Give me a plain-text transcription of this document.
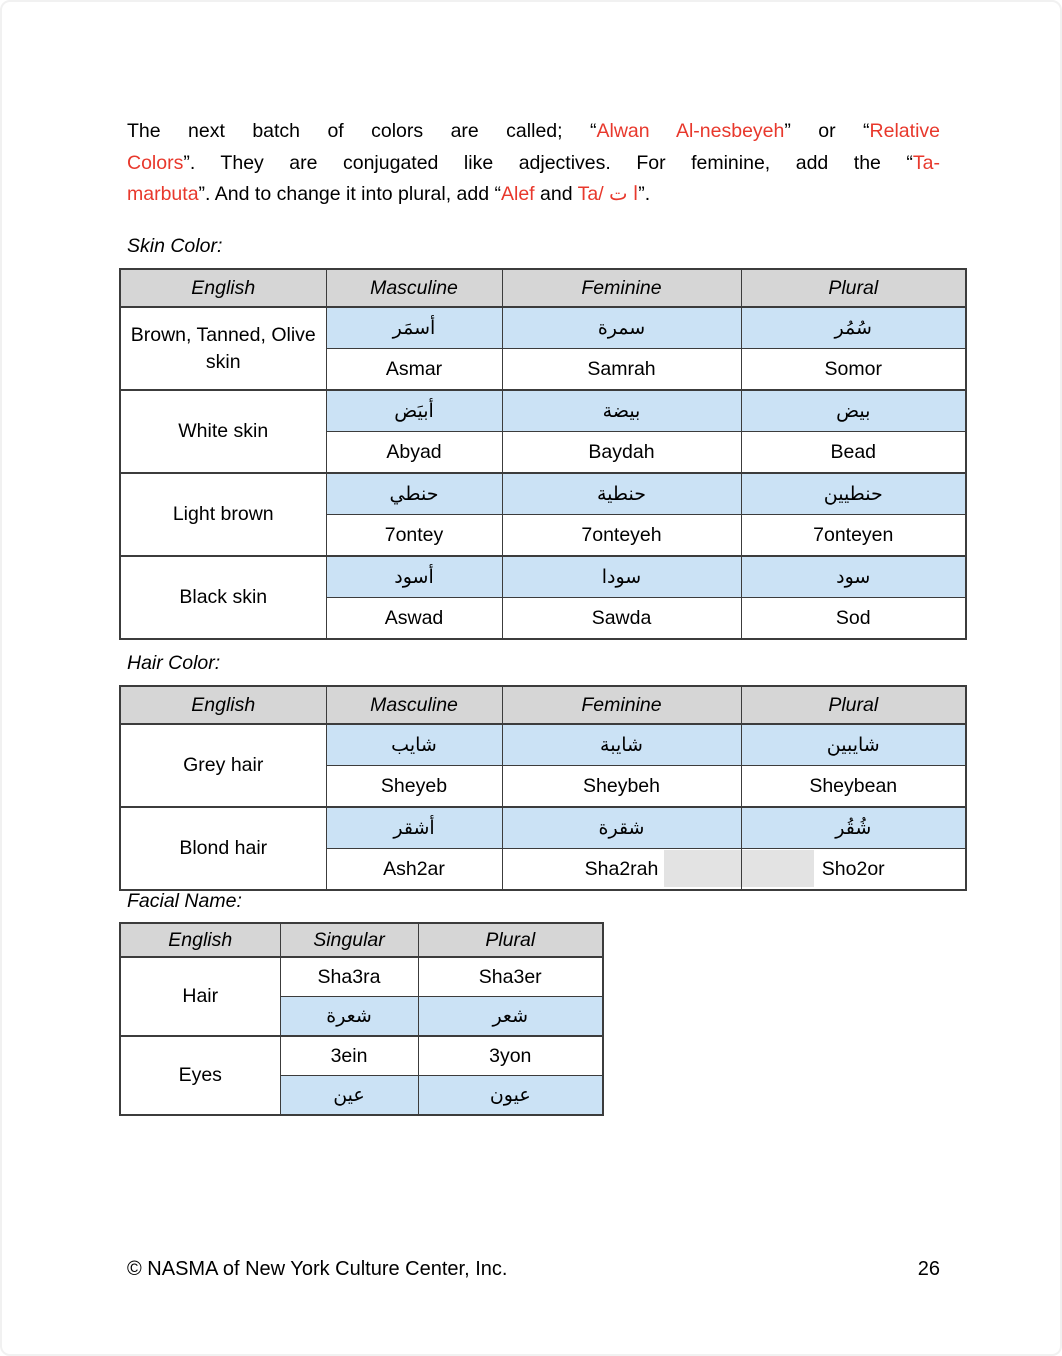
The next batch of colors are called; “Alwan Al-nesbeyeh” or “Relative
Colors”. They are conjugated like adjectives. For feminine, add the “Ta-
marbuta”. And to change it into plural, add “Alef and Ta/ ا ت”.
Skin Color:
English	Masculine	Feminine	Plural
Brown, Tanned, Olive skin	أسمَر	سمرة	سُمُر
	Asmar	Samrah	Somor
White skin	أبيَض	بيضة	بيض
	Abyad	Baydah	Bead
Light brown	حنطي	حنطية	حنطيين
	7ontey	7onteyeh	7onteyen
Black skin	أسود	سودا	سود
	Aswad	Sawda	Sod
Hair Color:
English	Masculine	Feminine	Plural
Grey hair	شايب	شايبة	شايبين
	Sheyeb	Sheybeh	Sheybean
Blond hair	أشقر	شقرة	شُقُر
	Ash2ar	Sha2rah	Sho2or
Facial Name:
English	Singular	Plural
Hair	Sha3ra	Sha3er
	شعرة	شعر
Eyes	3ein	3yon
	عين	عيون
© NASMA of New York Culture Center, Inc.	26
